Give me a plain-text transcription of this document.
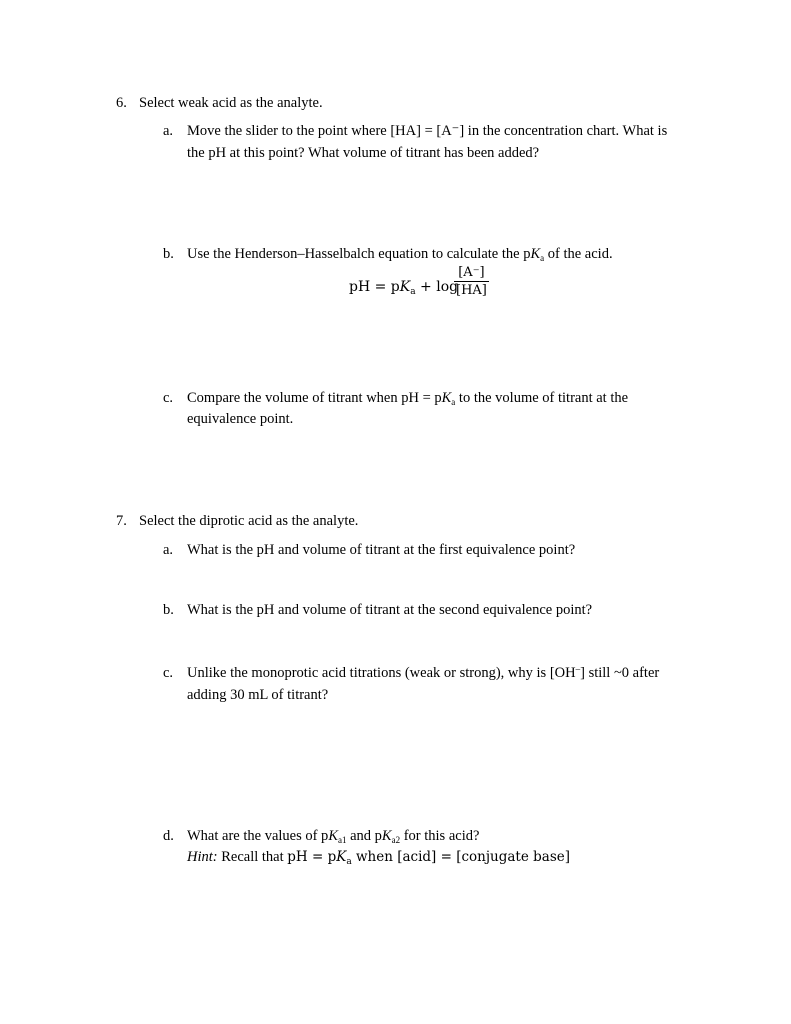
6. Select weak acid as the analyte.
a. Move the slider to the point where [HA] = [A⁻] in the concentration chart. What is
the pH at this point? What volume of titrant has been added?
b. Use the Henderson–Hasselbalch equation to calculate the $pK_a$ of the acid.
pH = $pK_a + \log$
[A⁻]
[HA]
c. Compare the volume of titrant when pH = $pK_a$ to the volume of titrant at the
equivalence point.
7. Select the diprotic acid as the analyte.
a. What is the pH and volume of titrant at the first equivalence point?
b. What is the pH and volume of titrant at the second equivalence point?
c. Unlike the monoprotic acid titrations (weak or strong), why is [OH–] still ~0 after
adding 30 mL of titrant?
d. What are the values of $pK_{a1}$ and $pK_{a2}$ for this acid?
Hint: Recall that pH = $pK_a$ when [acid] = [conjugate base]
